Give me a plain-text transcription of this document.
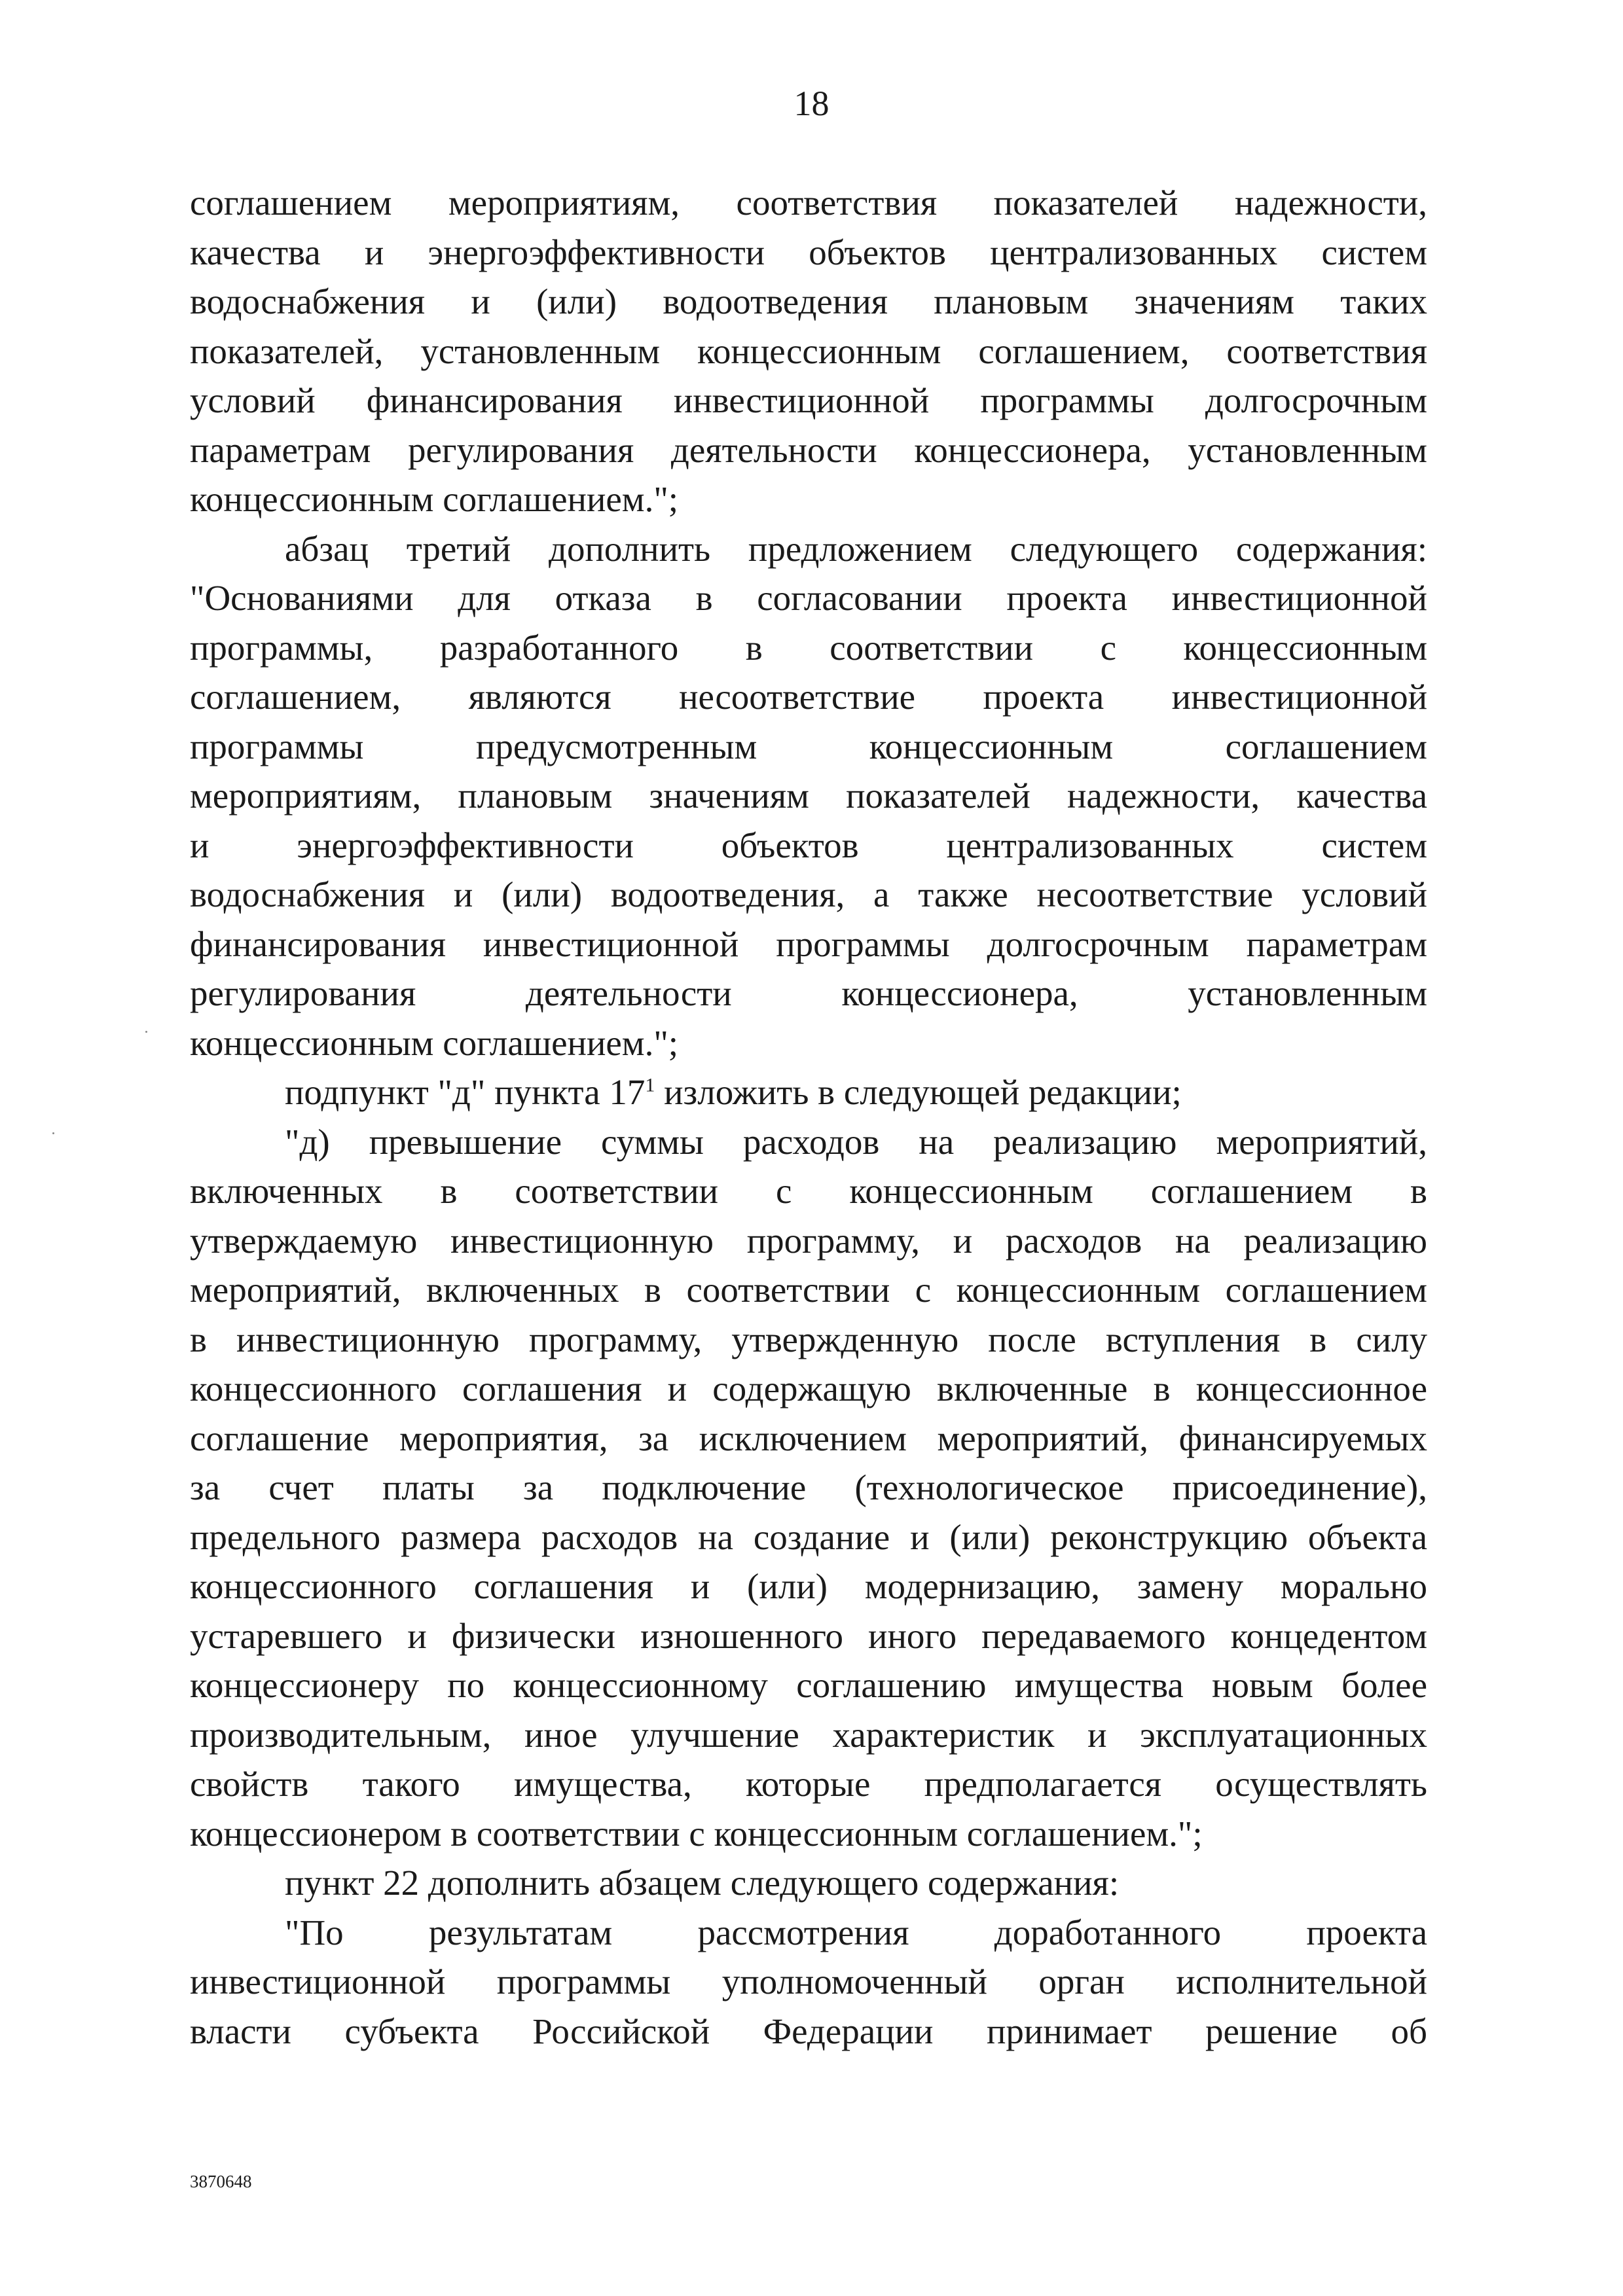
18

соглашением мероприятиям, соответствия показателей надежности,
качества и энергоэффективности объектов централизованных систем
водоснабжения и (или) водоотведения плановым значениям таких
показателей, установленным концессионным соглашением, соответствия
условий финансирования инвестиционной программы долгосрочным
параметрам регулирования деятельности концессионера, установленным
концессионным соглашением.";

абзац третий дополнить предложением следующего содержания:
"Основаниями для отказа в согласовании проекта инвестиционной
программы, разработанного в соответствии с концессионным
соглашением, являются несоответствие проекта инвестиционной
программы предусмотренным концессионным соглашением
мероприятиям, плановым значениям показателей надежности, качества
и энергоэффективности объектов централизованных систем
водоснабжения и (или) водоотведения, а также несоответствие условий
финансирования инвестиционной программы долгосрочным параметрам
регулирования деятельности концессионера, установленным
концессионным соглашением.";

подпункт "д" пункта $17^1$ изложить в следующей редакции;

"д) превышение суммы расходов на реализацию мероприятий,
включенных в соответствии с концессионным соглашением в
утверждаемую инвестиционную программу, и расходов на реализацию
мероприятий, включенных в соответствии с концессионным соглашением
в инвестиционную программу, утвержденную после вступления в силу
концессионного соглашения и содержащую включенные в концессионное
соглашение мероприятия, за исключением мероприятий, финансируемых
за счет платы за подключение (технологическое присоединение),
предельного размера расходов на создание и (или) реконструкцию объекта
концессионного соглашения и (или) модернизацию, замену морально
устаревшего и физически изношенного иного передаваемого концедентом
концессионеру по концессионному соглашению имущества новым более
производительным, иное улучшение характеристик и эксплуатационных
свойств такого имущества, которые предполагается осуществлять
концессионером в соответствии с концессионным соглашением.";

пункт 22 дополнить абзацем следующего содержания:

"По результатам рассмотрения доработанного проекта
инвестиционной программы уполномоченный орган исполнительной
власти субъекта Российской Федерации принимает решение об

3870648
